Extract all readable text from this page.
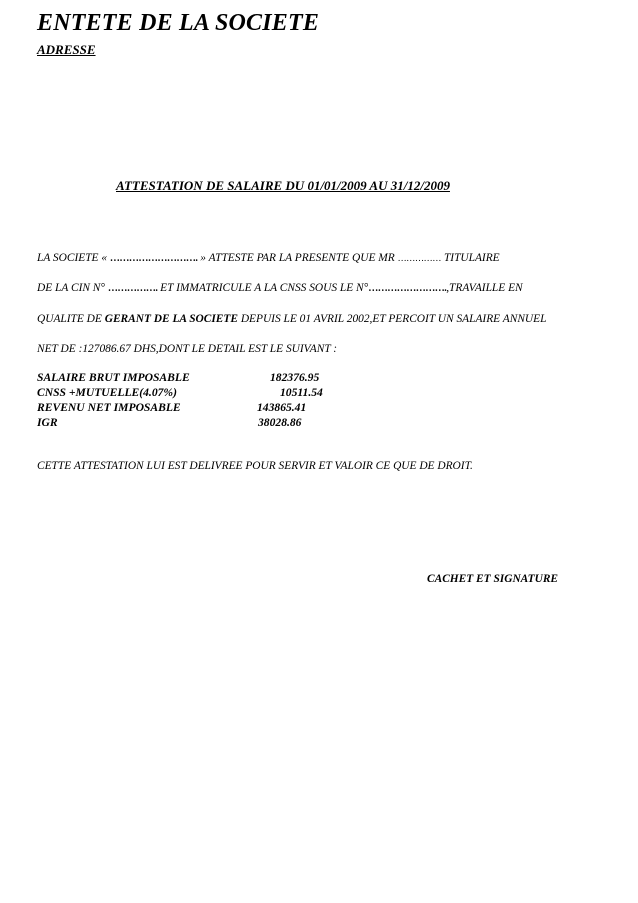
ENTETE DE LA SOCIETE
ADRESSE
ATTESTATION DE SALAIRE DU 01/01/2009 AU 31/12/2009
LA SOCIETE « ………………………. » ATTESTE PAR LA PRESENTE QUE MR …………… TITULAIRE
DE LA CIN N° ……………. ET IMMATRICULE A LA CNSS SOUS LE N°…………………….,TRAVAILLE EN
QUALITE DE GERANT DE LA SOCIETE DEPUIS LE 01 AVRIL 2002,ET PERCOIT UN SALAIRE ANNUEL
NET DE :127086.67 DHS,DONT LE DETAIL EST LE SUIVANT :
SALAIRE BRUT IMPOSABLE	182376.95
CNSS +MUTUELLE(4.07%)	10511.54
REVENU NET IMPOSABLE	143865.41
IGR	38028.86
CETTE ATTESTATION LUI EST DELIVREE POUR SERVIR ET VALOIR CE QUE DE DROIT.
CACHET ET SIGNATURE
